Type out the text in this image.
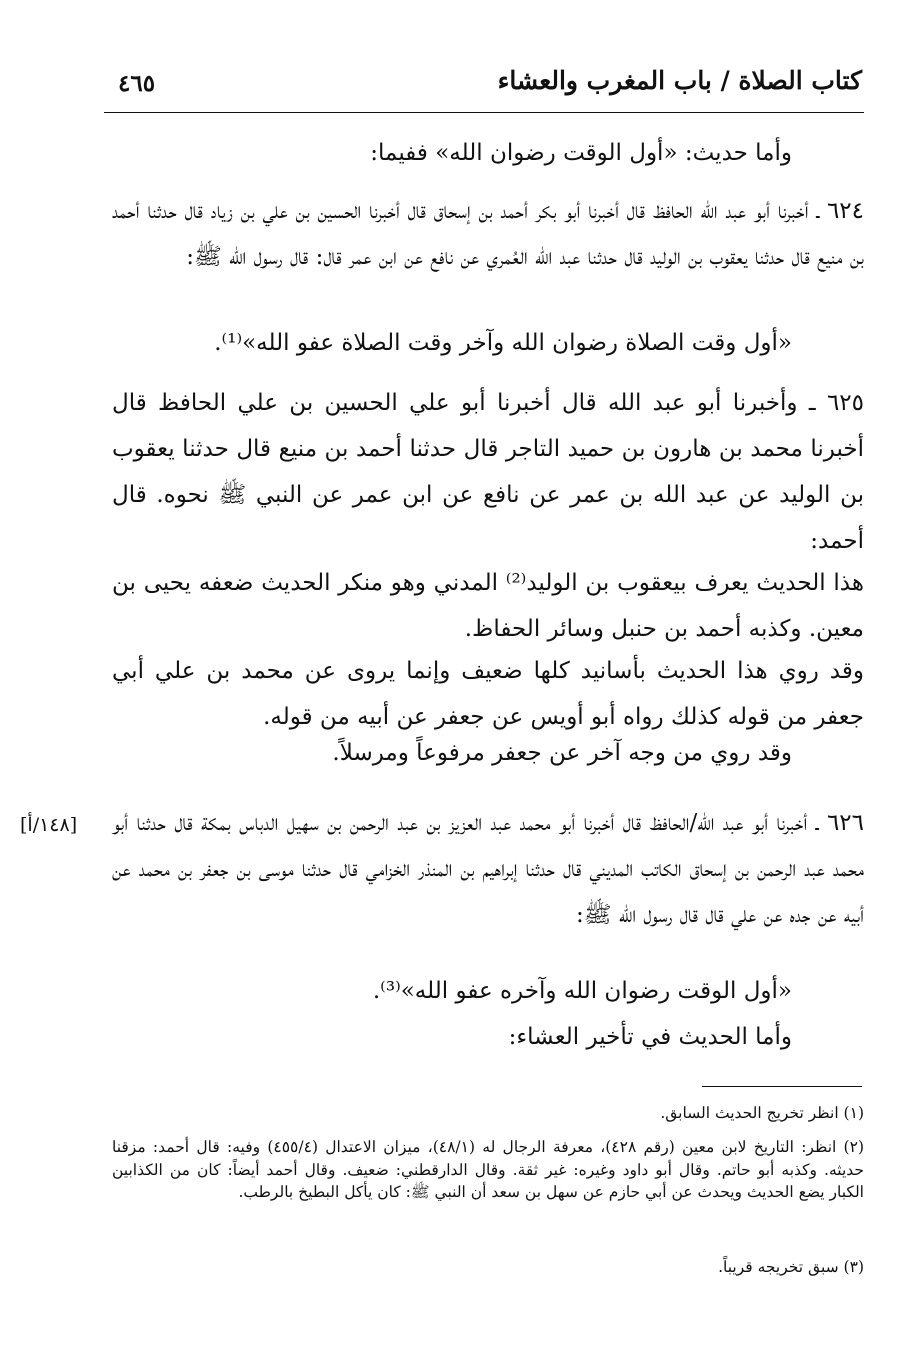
كتاب الصلاة / باب المغرب والعشاء
٤٦٥
[١٤٨/أ]

وأما حديث: «أول الوقت رضوان الله» ففيما:

٦٢٤ ـ أخبرنا أبو عبد الله الحافظ قال أخبرنا أبو بكر أحمد بن إسحاق قال أخبرنا الحسين بن علي بن زياد قال حدثنا أحمد بن منيع قال حدثنا يعقوب بن الوليد قال حدثنا عبد الله العُمري عن نافع عن ابن عمر قال: قال رسول الله ﷺ:

«أول وقت الصلاة رضوان الله وآخر وقت الصلاة عفو الله»⁽¹⁾.

٦٢٥ ـ وأخبرنا أبو عبد الله قال أخبرنا أبو علي الحسين بن علي الحافظ قال أخبرنا محمد بن هارون بن حميد التاجر قال حدثنا أحمد بن منيع قال حدثنا يعقوب بن الوليد عن عبد الله بن عمر عن نافع عن ابن عمر عن النبي ﷺ نحوه. قال أحمد:

هذا الحديث يعرف بيعقوب بن الوليد⁽²⁾ المدني وهو منكر الحديث ضعفه يحيى بن معين. وكذبه أحمد بن حنبل وسائر الحفاظ.

وقد روي هذا الحديث بأسانيد كلها ضعيف وإنما يروى عن محمد بن علي أبي جعفر من قوله كذلك رواه أبو أويس عن جعفر عن أبيه من قوله.

وقد روي من وجه آخر عن جعفر مرفوعاً ومرسلاً.

٦٢٦ ـ أخبرنا أبو عبد الله/الحافظ قال أخبرنا أبو محمد عبد العزيز بن عبد الرحمن بن سهيل الدباس بمكة قال حدثنا أبو محمد عبد الرحمن بن إسحاق الكاتب المديني قال حدثنا إبراهيم بن المنذر الخزامي قال حدثنا موسى بن جعفر بن محمد عن أبيه عن جده عن علي قال قال رسول الله ﷺ:

«أول الوقت رضوان الله وآخره عفو الله»⁽³⁾.

وأما الحديث في تأخير العشاء:

(١) انظر تخريج الحديث السابق.

(٢) انظر: التاريخ لابن معين (رقم ٤٢٨)، معرفة الرجال له (٤٨/١)، ميزان الاعتدال (٤٥٥/٤) وفيه: قال أحمد: مزقنا حديثه. وكذبه أبو حاتم. وقال أبو داود وغيره: غير ثقة. وقال الدارقطني: ضعيف. وقال أحمد أيضاً: كان من الكذابين الكبار يضع الحديث ويحدث عن أبي حازم عن سهل بن سعد أن النبي ﷺ: كان يأكل البطيخ بالرطب.

(٣) سبق تخريجه قريباً.
